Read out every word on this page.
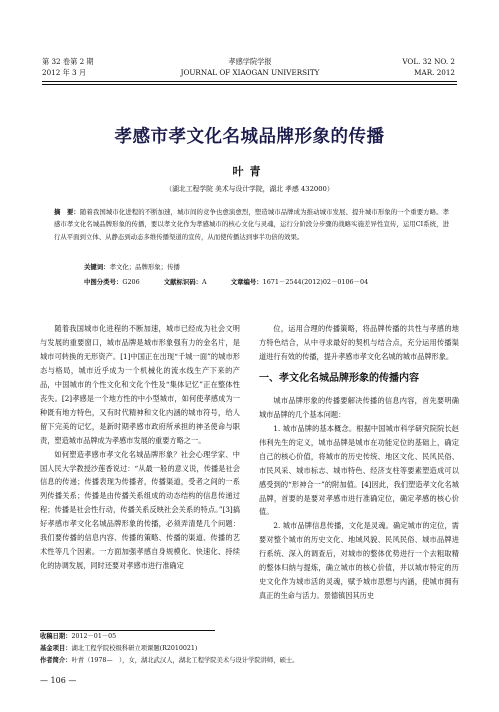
第 32 卷第 2 期
2012 年 3 月
孝感学院学报
JOURNAL OF XIAOGAN UNIVERSITY
VOL. 32 NO. 2
MAR. 2012
孝感市孝文化名城品牌形象的传播
叶青
（湖北工程学院 美术与设计学院，湖北 孝感 432000）
摘　要：随着我国城市化进程的不断加速，城市间的竞争也愈演愈烈，塑造城市品牌成为推动城市发展、提升城市形象的一个重要方略。孝感市孝文化名城品牌形象的传播，要以孝文化作为孝感城市的核心文化与灵魂，运行分阶段分步骤的战略实施差异性宣传，运用CI系统，进行从平面到立体、从静态到动态多维传播渠道的宣传，从而使传播达到事半功倍的效果。
关键词：孝文化；品牌形象；传播
中图分类号：G206	文献标识码：A	文章编号：1671－2544(2012)02－0106－04

随着我国城市化进程的不断加速，城市已经成为社会文明与发展的重要窗口，城市品牌是城市形象强有力的金名片，是城市可转换的无形资产。[1]中国正在出现“千城一面”的城市形态与格局，城市近乎成为一个机械化的流水线生产下来的产品，中国城市的个性文化和文化个性及“集体记忆”正在整体性丧失。[2]孝感是一个地方性的中小型城市，如何使孝感成为一种既有地方特色，又有时代精神和文化内涵的城市符号，给人留下完美的记忆，是新时期孝感市政府所承担的神圣使命与职责，塑造城市品牌成为孝感市发展的重要方略之一。

如何塑造孝感市孝文化名城品牌形象？社会心理学家、中国人民大学教授沙莲香说过：“从最一般的意义说，传播是社会信息的传递；传播表现为传播者，传播渠道，受者之间的一系列传播关系；传播是由传播关系组成的动态结构的信息传递过程；传播是社会性行动，传播关系反映社会关系的特点。”[3]搞好孝感市孝文化名城品牌形象的传播，必须弄清楚几个问题：我们要传播的信息内容、传播的策略、传播的渠道、传播的艺术性等几个因素。一方面加强孝感自身规模化、快速化、持续化的协调发展，同时还要对孝感市进行准确定

位，运用合理的传播策略，将品牌传播的共性与孝感的地方特色结合，从中寻求最好的契机与结合点，充分运用传播渠道进行有效的传播，提升孝感市孝文化名城的城市品牌形象。

一、孝文化名城品牌形象的传播内容

城市品牌形象的传播要解决传播的信息内容，首先要明确城市品牌的几个基本问题：

1. 城市品牌的基本概念。根据中国城市科学研究院院长赵伟利先生的定义，城市品牌是城市在功能定位的基础上，确定自己的核心价值，将城市的历史传统、地区文化、民风民俗、市民风采、城市标志、城市特色、经济支柱等要素塑造成可以感受到的“形神合一”的附加值。[4]因此，我们塑造孝文化名城品牌，首要的是要对孝感市进行准确定位，确定孝感的核心价值。

2. 城市品牌信息传播，文化是灵魂。确定城市的定位，需要对整个城市的历史文化、地域风貌、民风民俗、城市品牌进行系统、深入的调查后，对城市的整体优势进行一个去粗取精的整体归纳与提炼，确立城市的核心价值，并以城市特定的历史文化作为城市活的灵魂，赋予城市思想与内涵，使城市拥有真正的生命与活力。景德镇因其历史

收稿日期：2012－01－05
基金项目：湖北工程学院校级科研立项课题(R2010021)
作者简介：叶青（1978—　），女，湖北武汉人，湖北工程学院美术与设计学院讲师，硕士。
— 106 —
